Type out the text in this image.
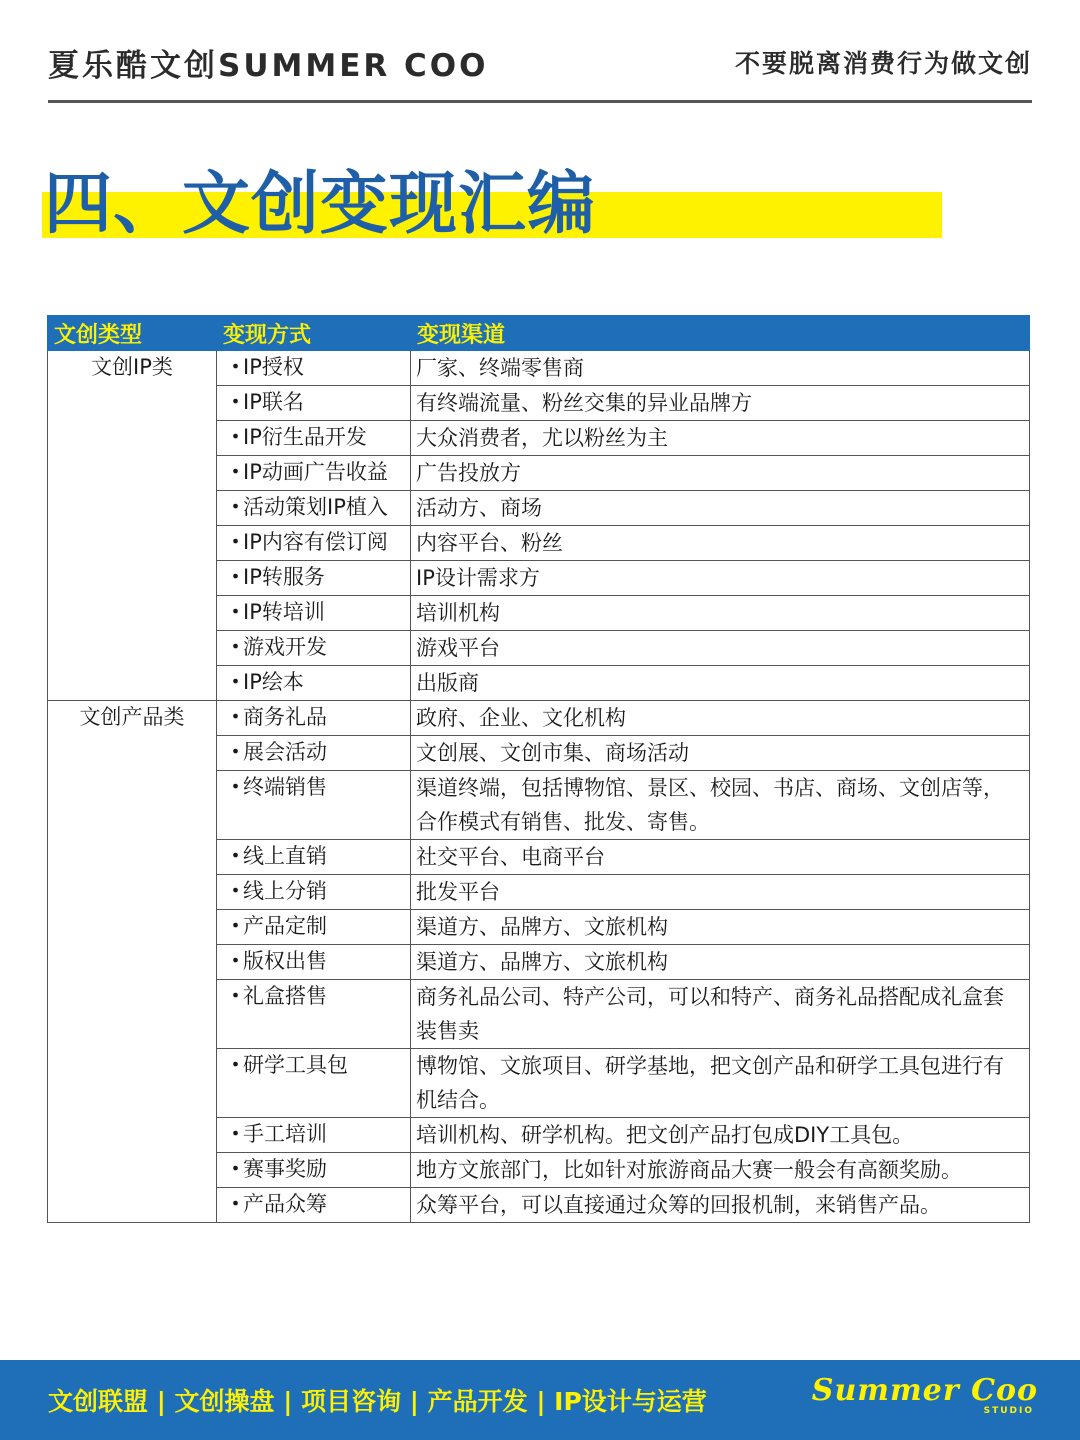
夏乐酷文创SUMMER COO	不要脱离消费行为做文创
四、文创变现汇编
文创类型	变现方式	变现渠道
文创IP类	・IP授权	厂家、终端零售商
	・IP联名	有终端流量、粉丝交集的异业品牌方
	・IP衍生品开发	大众消费者，尤以粉丝为主
	・IP动画广告收益	广告投放方
	・活动策划IP植入	活动方、商场
	・IP内容有偿订阅	内容平台、粉丝
	・IP转服务	IP设计需求方
	・IP转培训	培训机构
	・游戏开发	游戏平台
	・IP绘本	出版商
文创产品类	・商务礼品	政府、企业、文化机构
	・展会活动	文创展、文创市集、商场活动
	・终端销售	渠道终端，包括博物馆、景区、校园、书店、商场、文创店等，合作模式有销售、批发、寄售。
	・线上直销	社交平台、电商平台
	・线上分销	批发平台
	・产品定制	渠道方、品牌方、文旅机构
	・版权出售	渠道方、品牌方、文旅机构
	・礼盒搭售	商务礼品公司、特产公司，可以和特产、商务礼品搭配成礼盒套装售卖
	・研学工具包	博物馆、文旅项目、研学基地，把文创产品和研学工具包进行有机结合。
	・手工培训	培训机构、研学机构。把文创产品打包成DIY工具包。
	・赛事奖励	地方文旅部门，比如针对旅游商品大赛一般会有高额奖励。
	・产品众筹	众筹平台，可以直接通过众筹的回报机制，来销售产品。
文创联盟 | 文创操盘 | 项目咨询 | 产品开发 | IP设计与运营	Summer Coo
STUDIO
